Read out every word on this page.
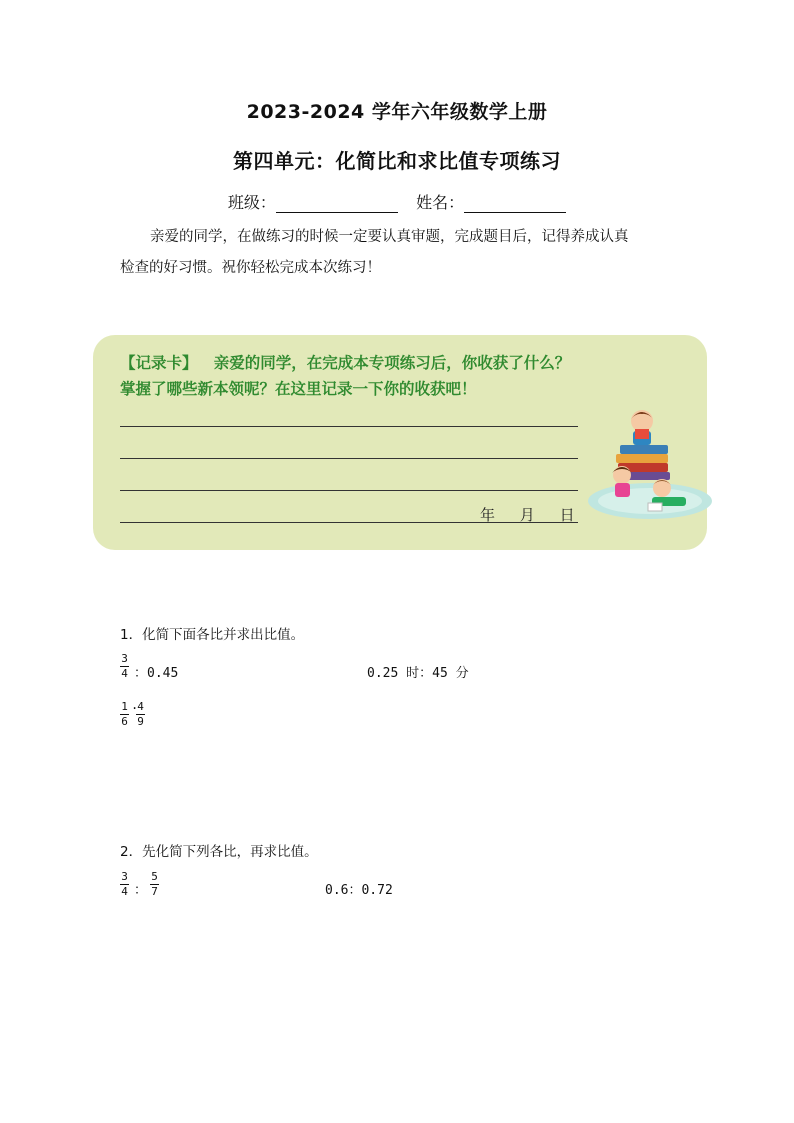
2023-2024 学年六年级数学上册
第四单元：化简比和求比值专项练习
班级：	姓名：

亲爱的同学，在做练习的时候一定要认真审题，完成题目后，记得养成认真

检查的好习惯。祝你轻松完成本次练习！

【记录卡】   亲爱的同学，在完成本专项练习后，你收获了什么？
掌握了哪些新本领呢？在这里记录一下你的收获吧！
年 月 日
1．化简下面各比并求出比值。
3
4 ：0.45	0.25 时：45 分
1
6
.
4
9
2．先化简下列各比，再求比值。
3
4 ：
5
7	0.6：0.72
